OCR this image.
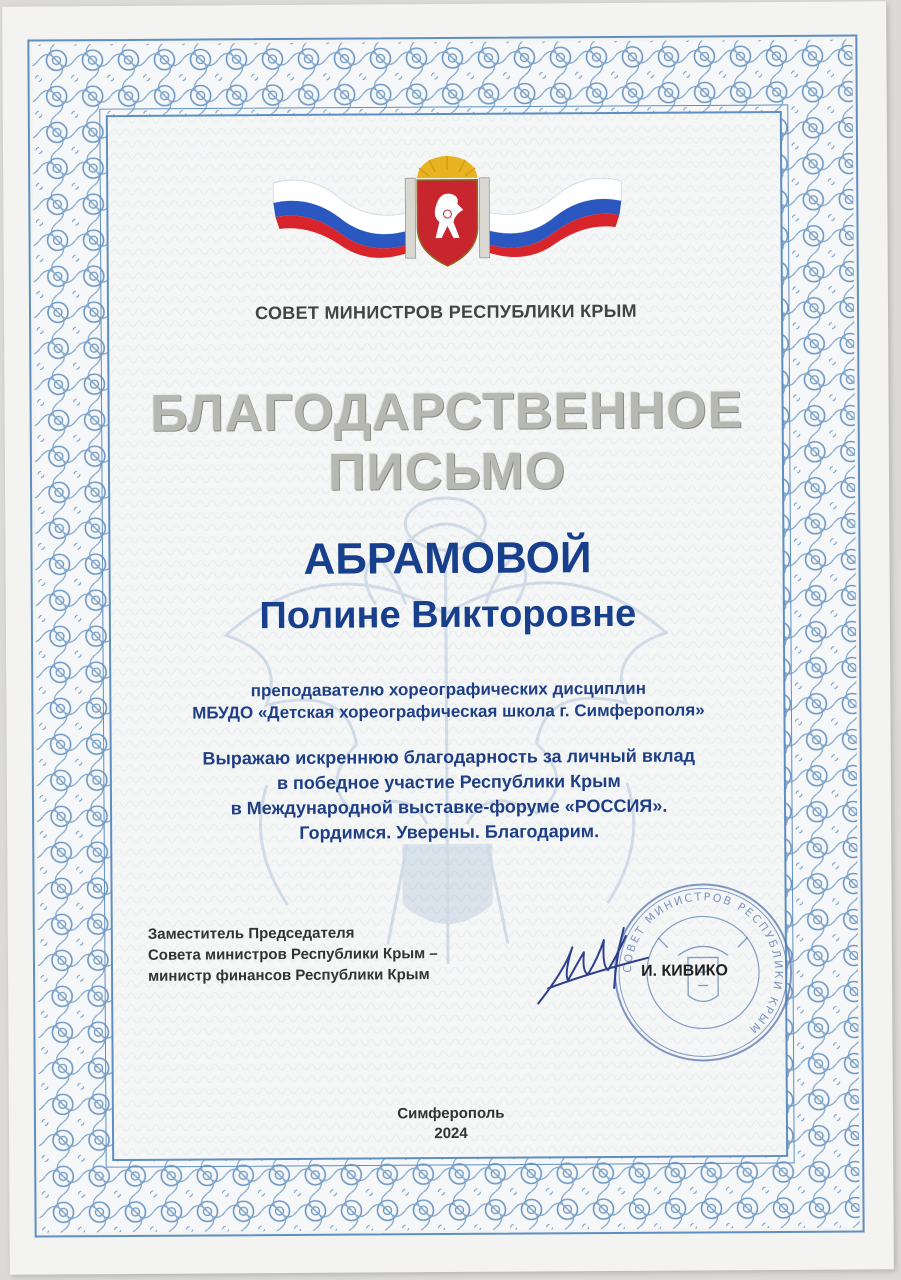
СОВЕТ МИНИСТРОВ РЕСПУБЛИКИ КРЫМ
БЛАГОДАРСТВЕННОЕ
ПИСЬМО
АБРАМОВОЙ
Полине Викторовне
преподавателю хореографических дисциплин
МБУДО «Детская хореографическая школа г. Симферополя»
Выражаю искреннюю благодарность за личный вклад
в победное участие Республики Крым
в Международной выставке-форуме «РОССИЯ».
Гордимся. Уверены. Благодарим.
Заместитель Председателя
Совета министров Республики Крым –
министр финансов Республики Крым	СОВЕТ МИНИСТРОВ РЕСПУБЛИКИ КРЫМ
И. КИВИКО
Симферополь
2024
